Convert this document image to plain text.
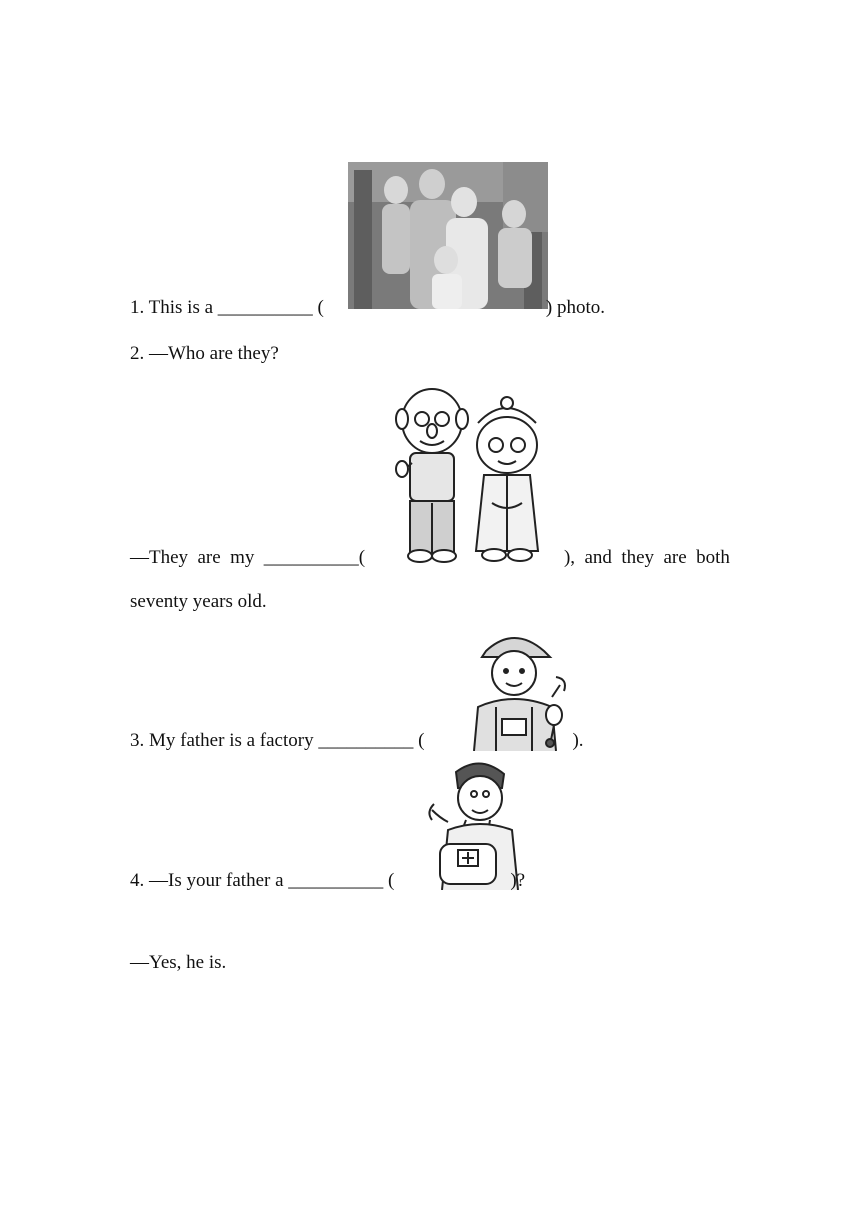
1. This is a __________ (	) photo.
2. —Who are they?
—They are my __________(	), and they are both
seventy years old.
3. My father is a factory __________ (	).
4. —Is your father a __________ (	)?
—Yes, he is.
